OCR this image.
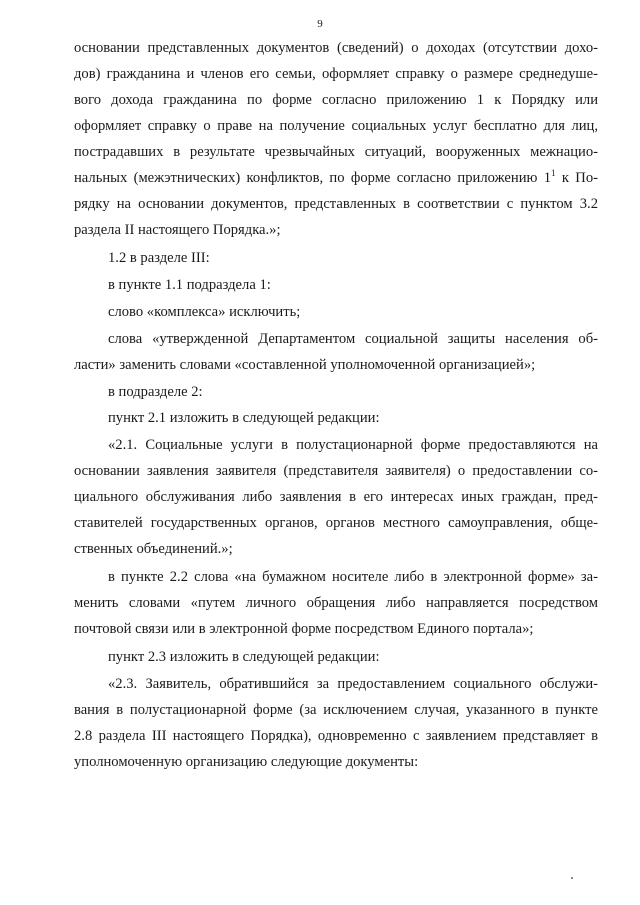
9
основании представленных документов (сведений) о доходах (отсутствии дохо-
дов) гражданина и членов его семьи, оформляет справку о размере среднедуше-
вого дохода гражданина по форме согласно приложению 1 к Порядку или
оформляет справку о праве на получение социальных услуг бесплатно для лиц,
пострадавших в результате чрезвычайных ситуаций, вооруженных межнацио-
нальных (межэтнических) конфликтов, по форме согласно приложению $1^1$ к По-
рядку на основании документов, представленных в соответствии с пунктом 3.2
раздела II настоящего Порядка.»;
1.2 в разделе III:
в пункте 1.1 подраздела 1:
слово «комплекса» исключить;
слова «утвержденной Департаментом социальной защиты населения об-
ласти» заменить словами «составленной уполномоченной организацией»;
в подразделе 2:
пункт 2.1 изложить в следующей редакции:
«2.1. Социальные услуги в полустационарной форме предоставляются на
основании заявления заявителя (представителя заявителя) о предоставлении со-
циального обслуживания либо заявления в его интересах иных граждан, пред-
ставителей государственных органов, органов местного самоуправления, обще-
ственных объединений.»;
в пункте 2.2 слова «на бумажном носителе либо в электронной форме» за-
менить словами «путем личного обращения либо направляется посредством
почтовой связи или в электронной форме посредством Единого портала»;
пункт 2.3 изложить в следующей редакции:
«2.3. Заявитель, обратившийся за предоставлением социального обслужи-
вания в полустационарной форме (за исключением случая, указанного в пункте
2.8 раздела III настоящего Порядка), одновременно с заявлением представляет в
уполномоченную организацию следующие документы:
